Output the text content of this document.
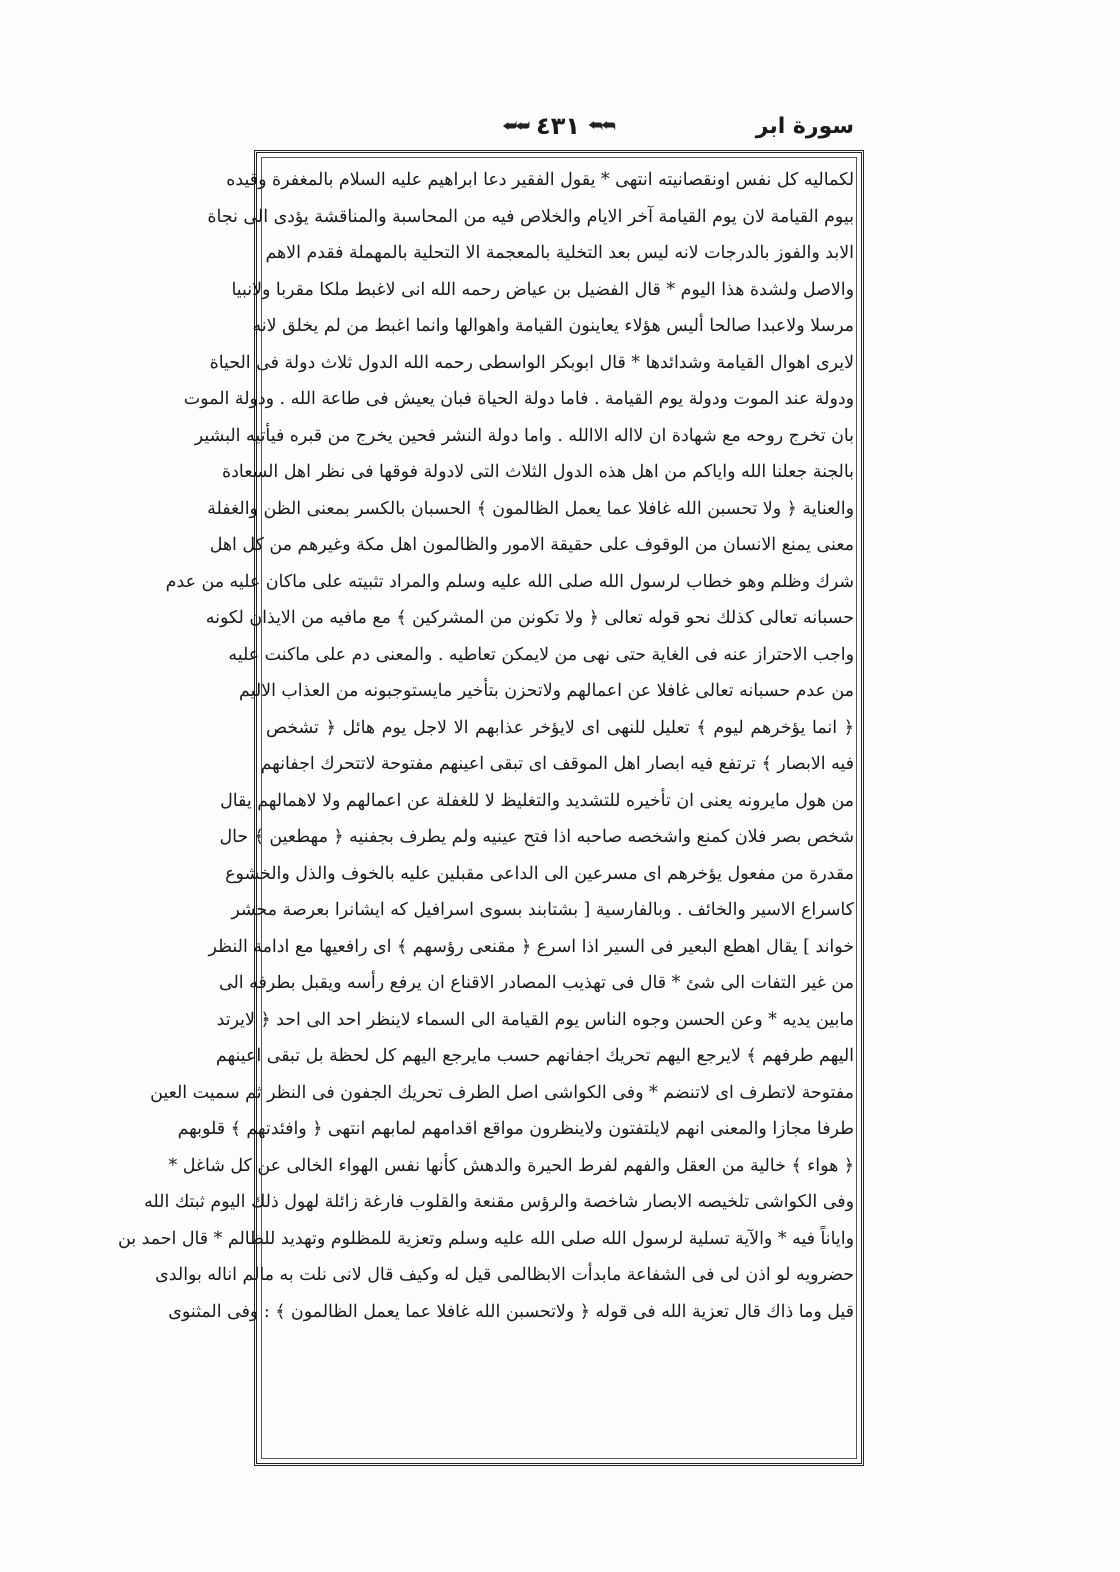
سورة ابر
⮨⮨ ٤٣١ ⮪⮪
لكماليه كل نفس اونقصانيته انتهى * يقول الفقير دعا ابراهيم عليه السلام بالمغفرة وقيده
بيوم القيامة لان يوم القيامة آخر الايام والخلاص فيه من المحاسبة والمناقشة يؤدى الى نجاة
الابد والفوز بالدرجات لانه ليس بعد التخلية بالمعجمة الا التحلية بالمهملة فقدم الاهم
والاصل ولشدة هذا اليوم * قال الفضيل بن عياض رحمه الله انى لاغبط ملكا مقربا ولانبيا
مرسلا ولاعبدا صالحا أليس هؤلاء يعاينون القيامة واهوالها وانما اغبط من لم يخلق لانه
لايرى اهوال القيامة وشدائدها * قال ابوبكر الواسطى رحمه الله الدول ثلاث دولة فى الحياة
ودولة عند الموت ودولة يوم القيامة . فاما دولة الحياة فبان يعيش فى طاعة الله . ودولة الموت
بان تخرج روحه مع شهادة ان لااله الاالله . واما دولة النشر فحين يخرج من قبره فيأتيه البشير
بالجنة جعلنا الله واياكم من اهل هذه الدول الثلاث التى لادولة فوقها فى نظر اهل السعادة
والعناية ﴿ ولا تحسبن الله غافلا عما يعمل الظالمون ﴾ الحسبان بالكسر بمعنى الظن والغفلة
معنى يمنع الانسان من الوقوف على حقيقة الامور والظالمون اهل مكة وغيرهم من كل اهل
شرك وظلم وهو خطاب لرسول الله صلى الله عليه وسلم والمراد تثبيته على ماكان عليه من عدم
حسبانه تعالى كذلك نحو قوله تعالى ﴿ ولا تكونن من المشركين ﴾ مع مافيه من الايذان لكونه
واجب الاحتراز عنه فى الغاية حتى نهى من لايمكن تعاطيه . والمعنى دم على ماكنت عليه
من عدم حسبانه تعالى غافلا عن اعمالهم ولاتحزن بتأخير مايستوجبونه من العذاب الاليم
﴿ انما يؤخرهم ليوم ﴾ تعليل للنهى اى لايؤخر عذابهم الا لاجل يوم هائل ﴿ تشخص
فيه الابصار ﴾ ترتفع فيه ابصار اهل الموقف اى تبقى اعينهم مفتوحة لاتتحرك اجفانهم
من هول مايرونه يعنى ان تأخيره للتشديد والتغليظ لا للغفلة عن اعمالهم ولا لاهمالهم يقال
شخص بصر فلان كمنع واشخصه صاحبه اذا فتح عينيه ولم يطرف بجفنيه ﴿ مهطعين ﴾ حال
مقدرة من مفعول يؤخرهم اى مسرعين الى الداعى مقبلين عليه بالخوف والذل والخشوع
كاسراع الاسير والخائف . وبالفارسية [ بشتابند بسوى اسرافيل كه ايشانرا بعرصة محشر
خواند ] يقال اهطع البعير فى السير اذا اسرع ﴿ مقنعى رؤسهم ﴾ اى رافعيها مع ادامة النظر
من غير التفات الى شئ * قال فى تهذيب المصادر الاقناع ان يرفع رأسه ويقبل بطرفه الى
مابين يديه * وعن الحسن وجوه الناس يوم القيامة الى السماء لاينظر احد الى احد ﴿ لايرتد
اليهم طرفهم ﴾ لايرجع اليهم تحريك اجفانهم حسب مايرجع اليهم كل لحظة بل تبقى اعينهم
مفتوحة لاتطرف اى لاتنضم * وفى الكواشى اصل الطرف تحريك الجفون فى النظر ثم سميت العين
طرفا مجازا والمعنى انهم لايلتفتون ولاينظرون مواقع اقدامهم لمابهم انتهى ﴿ وافئدتهم ﴾ قلوبهم
﴿ هواء ﴾ خالية من العقل والفهم لفرط الحيرة والدهش كأنها نفس الهواء الخالى عن كل شاغل *
وفى الكواشى تلخيصه الابصار شاخصة والرؤس مقنعة والقلوب فارغة زائلة لهول ذلك اليوم ثبتك الله
واياناً فيه * والآية تسلية لرسول الله صلى الله عليه وسلم وتعزية للمظلوم وتهديد للظالم * قال احمد بن
حضرويه لو اذن لى فى الشفاعة مابدأت الابظالمى قيل له وكيف قال لانى نلت به مالم اناله بوالدى
قيل وما ذاك قال تعزية الله فى قوله ﴿ ولاتحسبن الله غافلا عما يعمل الظالمون ﴾ : وفى المثنوى
